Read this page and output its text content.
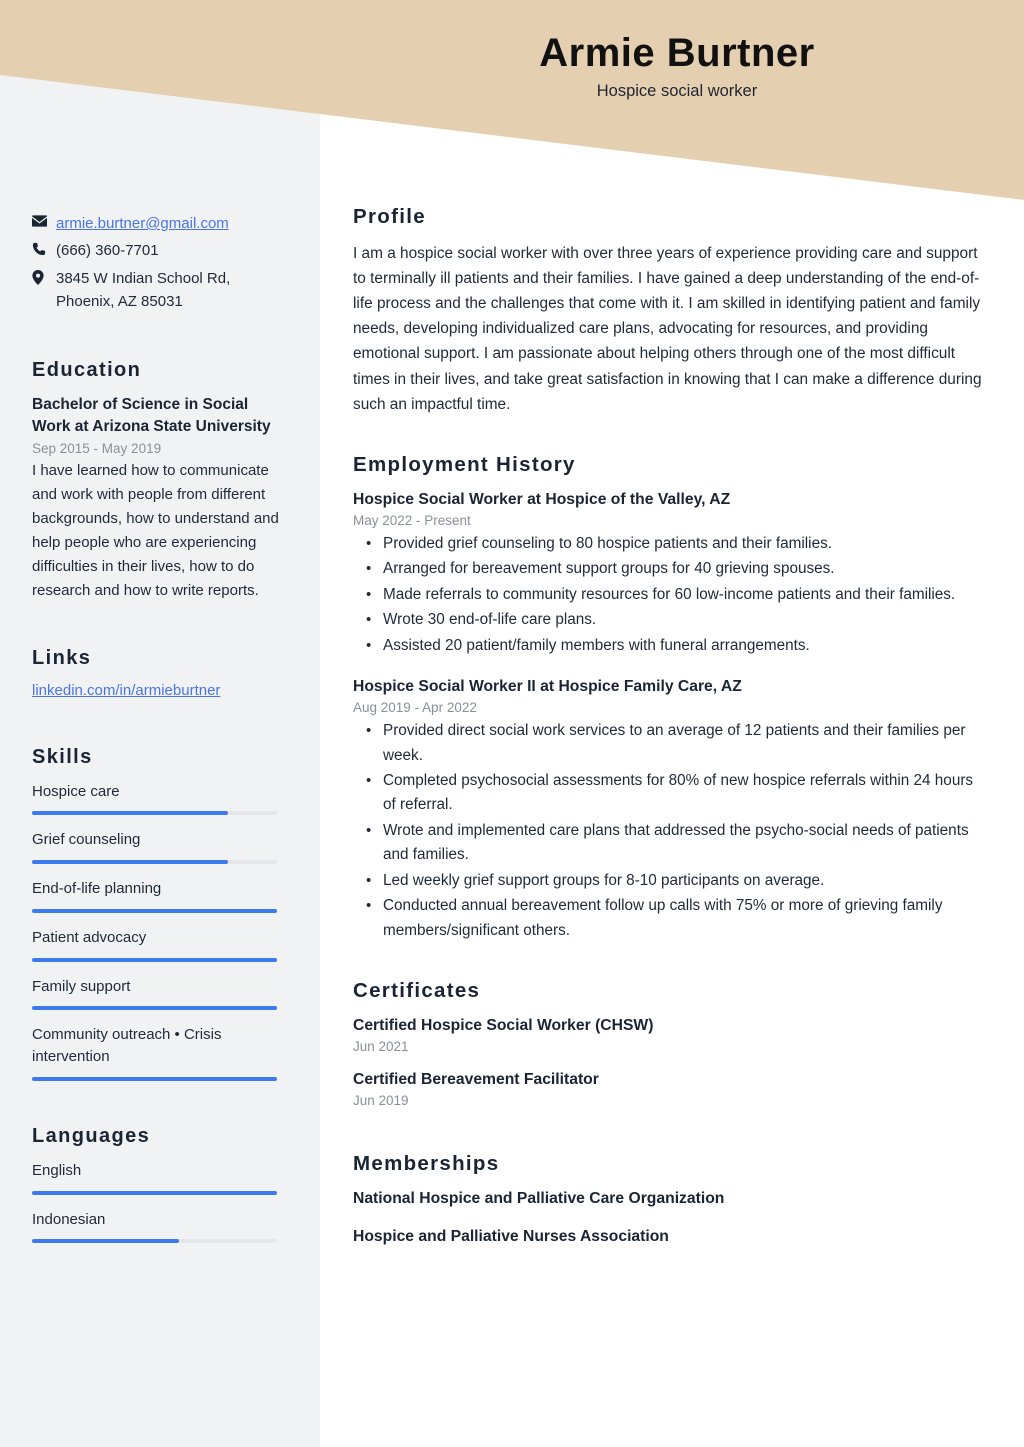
Armie Burtner
Hospice social worker
armie.burtner@gmail.com
(666) 360-7701
3845 W Indian School Rd, Phoenix, AZ 85031
Education
Bachelor of Science in Social Work at Arizona State University
Sep 2015 - May 2019
I have learned how to communicate and work with people from different backgrounds, how to understand and help people who are experiencing difficulties in their lives, how to do research and how to write reports.
Links
linkedin.com/in/armieburtner
Skills
Hospice care
Grief counseling
End-of-life planning
Patient advocacy
Family support
Community outreach • Crisis intervention
Languages
English
Indonesian
Profile

I am a hospice social worker with over three years of experience providing care and support to terminally ill patients and their families. I have gained a deep understanding of the end-of-life process and the challenges that come with it. I am skilled in identifying patient and family needs, developing individualized care plans, advocating for resources, and providing emotional support. I am passionate about helping others through one of the most difficult times in their lives, and take great satisfaction in knowing that I can make a difference during such an impactful time.

Employment History
Hospice Social Worker at Hospice of the Valley, AZ
May 2022 - Present
• Provided grief counseling to 80 hospice patients and their families.
• Arranged for bereavement support groups for 40 grieving spouses.
• Made referrals to community resources for 60 low-income patients and their families.
• Wrote 30 end-of-life care plans.
• Assisted 20 patient/family members with funeral arrangements.
Hospice Social Worker II at Hospice Family Care, AZ
Aug 2019 - Apr 2022
• Provided direct social work services to an average of 12 patients and their families per week.
• Completed psychosocial assessments for 80% of new hospice referrals within 24 hours of referral.
• Wrote and implemented care plans that addressed the psycho-social needs of patients and families.
• Led weekly grief support groups for 8-10 participants on average.
• Conducted annual bereavement follow up calls with 75% or more of grieving family members/significant others.
Certificates
Certified Hospice Social Worker (CHSW)
Jun 2021
Certified Bereavement Facilitator
Jun 2019
Memberships
National Hospice and Palliative Care Organization
Hospice and Palliative Nurses Association
